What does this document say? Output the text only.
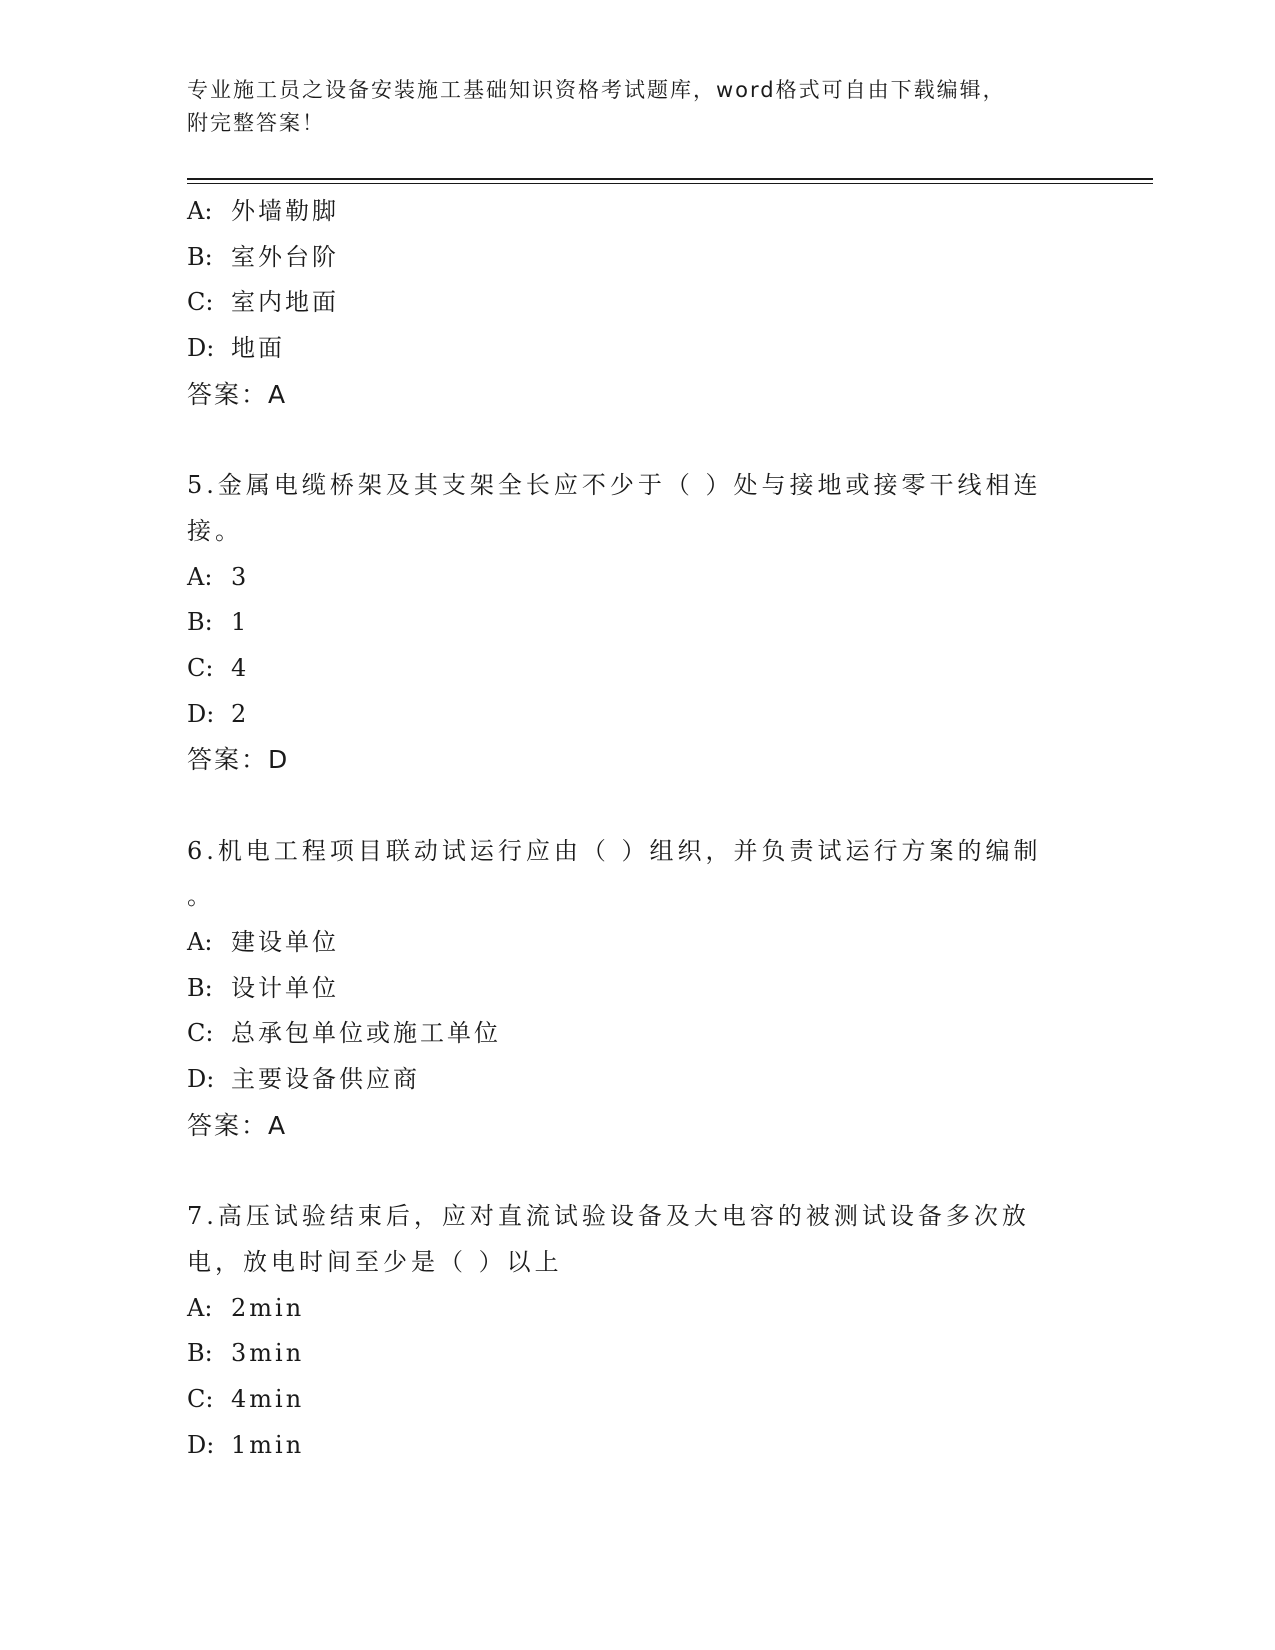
专业施工员之设备安装施工基础知识资格考试题库，word格式可自由下载编辑，
附完整答案！
A: 外墙勒脚
B: 室外台阶
C: 室内地面
D: 地面
答案：A
5.金属电缆桥架及其支架全长应不少于（ ）处与接地或接零干线相连
接。
A: 3
B: 1
C: 4
D: 2
答案：D
6.机电工程项目联动试运行应由（ ）组织，并负责试运行方案的编制
。
A: 建设单位
B: 设计单位
C: 总承包单位或施工单位
D: 主要设备供应商
答案：A
7.高压试验结束后，应对直流试验设备及大电容的被测试设备多次放
电，放电时间至少是（ ）以上
A: 2min
B: 3min
C: 4min
D: 1min
